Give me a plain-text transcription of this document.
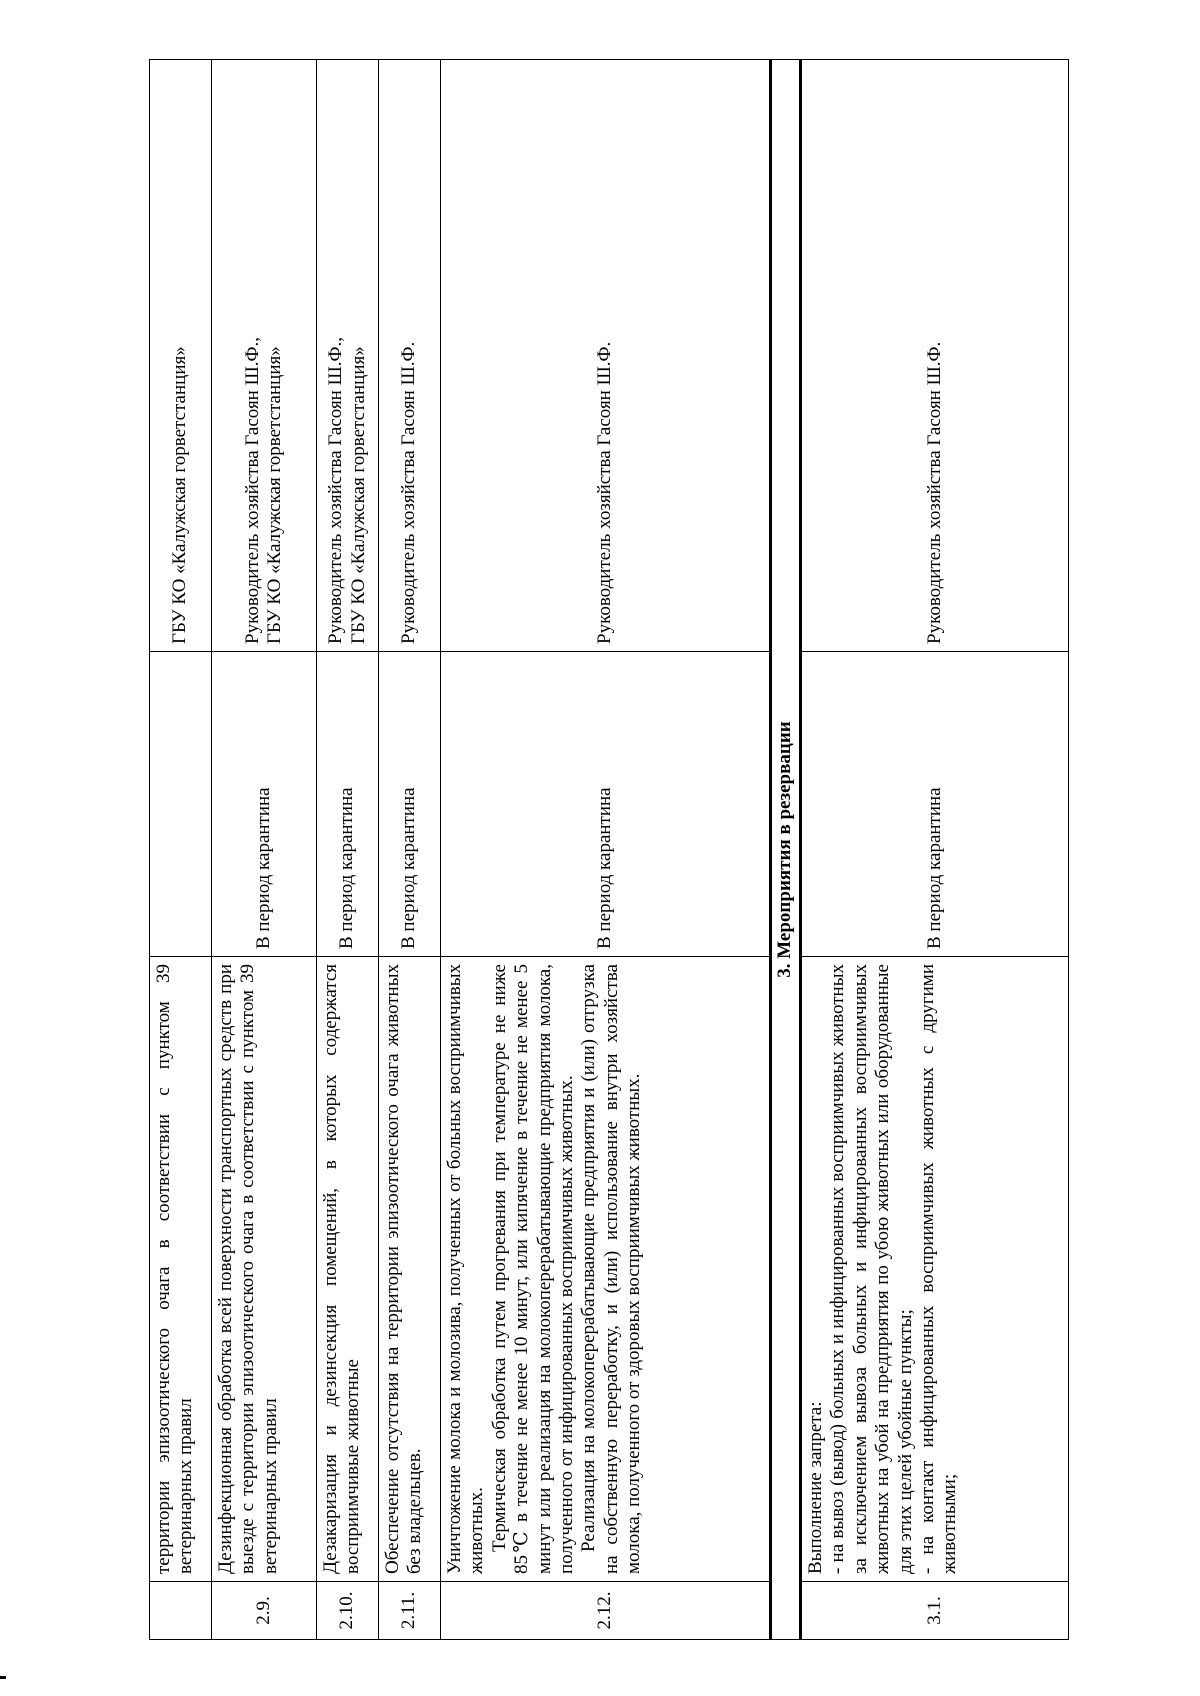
	территории эпизоотического очага в соответствии с пунктом 39 ветеринарных правил		ГБУ КО «Калужская горветстанция»

2.9.	Дезинфекционная обработка всей поверхности транспортных средств при выезде с территории эпизоотического очага в соответствии с пунктом 39 ветеринарных правил	В период карантина	Руководитель хозяйства Гасоян Ш.Ф., ГБУ КО «Калужская горветстанция»

2.10.	Дезакаризация и дезинсекция помещений, в которых содержатся восприимчивые животные	В период карантина	Руководитель хозяйства Гасоян Ш.Ф., ГБУ КО «Калужская горветстанция»

2.11.	Обеспечение отсутствия на территории эпизоотического очага животных без владельцев.	В период карантина	Руководитель хозяйства Гасоян Ш.Ф.

2.12.	Уничтожение молока и молозива, полученных от больных восприимчивых животных. Термическая обработка путем прогревания при температуре не ниже 85℃ в течение не менее 10 минут, или кипячение в течение не менее 5 минут или реализация на молокоперерабатывающие предприятия молока, полученного от инфицированных восприимчивых животных. Реализация на молокоперерабатывающие предприятия и (или) отгрузка на собственную переработку, и (или) использование внутри хозяйства молока, полученного от здоровых восприимчивых животных.	В период карантина	Руководитель хозяйства Гасоян Ш.Ф.

3. Мероприятия в резервации			
3.1.	Выполнение запрета: - на вывоз (вывод) больных и инфицированных восприимчивых животных за исключением вывоза больных и инфицированных восприимчивых животных на убой на предприятия по убою животных или оборудованные для этих целей убойные пункты; - на контакт инфицированных восприимчивых животных с другими животными;	В период карантина	Руководитель хозяйства Гасоян Ш.Ф.
